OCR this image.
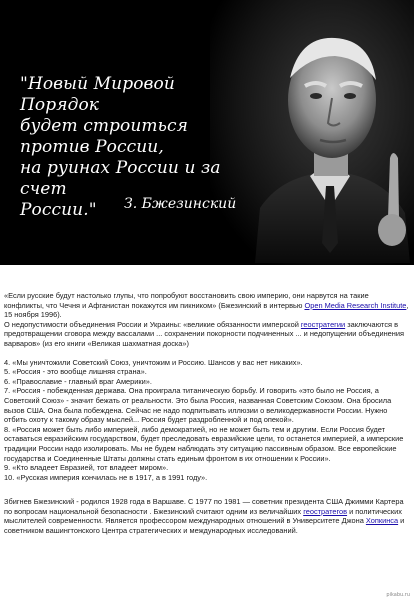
"Новый Мировой Порядок
будет строиться против России,
на руинах России и за счет
России."	З. Бжезинский

«Если русские будут настолько глупы, что попробуют восстановить свою империю, они нарвутся на такие конфликты, что Чечня и Афганистан покажутся им пикником» (Бжезинский в интервью Open Media Research Institute, 15 ноября 1996).

О недопустимости объединения России и Украины: «великие обязанности имперской геостратегии заключаются в предотвращении сговора между вассалами ... сохранении покорности подчиненных ... и недопущении объединения варваров» (из его книги «Великая шахматная доска»)

4. «Мы уничтожили Советский Союз, уничтожим и Россию. Шансов у вас нет никаких».

5. «Россия - это вообще лишняя страна».

6. «Православие - главный враг Америки».

7. «Россия - побежденная держава. Она проиграла титаническую борьбу. И говорить «это было не Россия, а Советский Союз» - значит бежать от реальности. Это была Россия, названная Советским Союзом. Она бросила вызов США. Она была побеждена. Сейчас не надо подпитывать иллюзии о великодержавности России. Нужно отбить охоту к такому образу мыслей... Россия будет раздробленной и под опекой».

8. «Россия может быть либо империей, либо демократией, но не может быть тем и другим. Если Россия будет оставаться евразийским государством, будет преследовать евразийские цели, то останется империей, а имперские традиции России надо изолировать. Мы не будем наблюдать эту ситуацию пассивным образом. Все европейские государства и Соединенные Штаты должны стать единым фронтом в их отношении к России».

9. «Кто владеет Евразией, тот владеет миром».

10. «Русская империя кончилась не в 1917, а в 1991 году».

Збигнев Бжезинский - родился 1928 года в Варшаве. С 1977 по 1981 — советник президента США Джимми Картера по вопросам национальной безопасности . Бжезинский считают одним из величайших геостратегов и политических мыслителей современности. Является профессором международных отношений в Университете Джона Хопкинса и советником вашингтонского Центра стратегических и международных исследований.

pikabu.ru
